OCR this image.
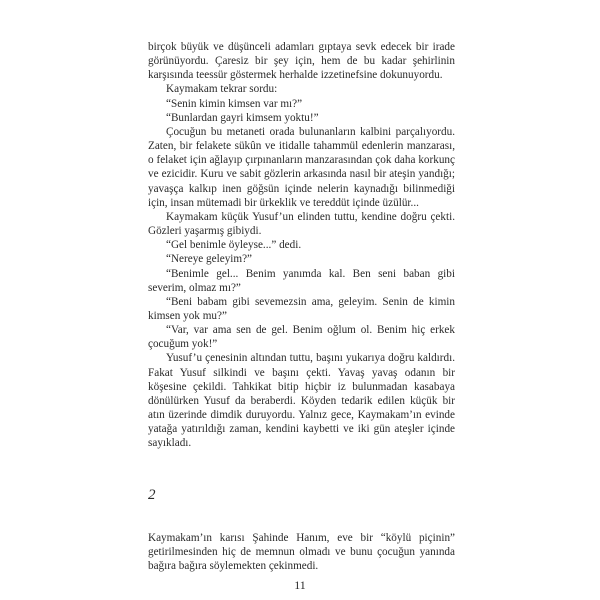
birçok büyük ve düşünceli adamları gıptaya sevk edecek bir irade görünüyordu. Çaresiz bir şey için, hem de bu kadar şehirlinin karşısında teessür göstermek herhalde izzetinefsine dokunuyordu.

Kaymakam tekrar sordu:

“Senin kimin kimsen var mı?”

“Bunlardan gayri kimsem yoktu!”

Çocuğun bu metaneti orada bulunanların kalbini parçalıyordu. Zaten, bir felakete sükûn ve itidalle tahammül edenlerin manzarası, o felaket için ağlayıp çırpınanların manzarasından çok daha korkunç ve ezicidir. Kuru ve sabit gözlerin arkasında nasıl bir ateşin yandığı; yavaşça kalkıp inen göğsün içinde nelerin kaynadığı bilinmediği için, insan mütemadi bir ürkeklik ve tereddüt içinde üzülür...

Kaymakam küçük Yusuf’un elinden tuttu, kendine doğru çekti. Gözleri yaşarmış gibiydi.

“Gel benimle öyleyse...” dedi.

“Nereye geleyim?”

“Benimle gel... Benim yanımda kal. Ben seni baban gibi severim, olmaz mı?”

“Beni babam gibi sevemezsin ama, geleyim. Senin de kimin kimsen yok mu?”

“Var, var ama sen de gel. Benim oğlum ol. Benim hiç erkek çocuğum yok!”

Yusuf’u çenesinin altından tuttu, başını yukarıya doğru kaldırdı. Fakat Yusuf silkindi ve başını çekti. Yavaş yavaş odanın bir köşesine çekildi. Tahkikat bitip hiçbir iz bulunmadan kasabaya dönülürken Yusuf da beraberdi. Köyden tedarik edilen küçük bir atın üzerinde dimdik duruyordu. Yalnız gece, Kaymakam’ın evinde yatağa yatırıldığı zaman, kendini kaybetti ve iki gün ateşler içinde sayıkladı.

2

Kaymakam’ın karısı Şahinde Hanım, eve bir “köylü piçinin” getirilmesinden hiç de memnun olmadı ve bunu çocuğun yanında bağıra bağıra söylemekten çekinmedi.

11
